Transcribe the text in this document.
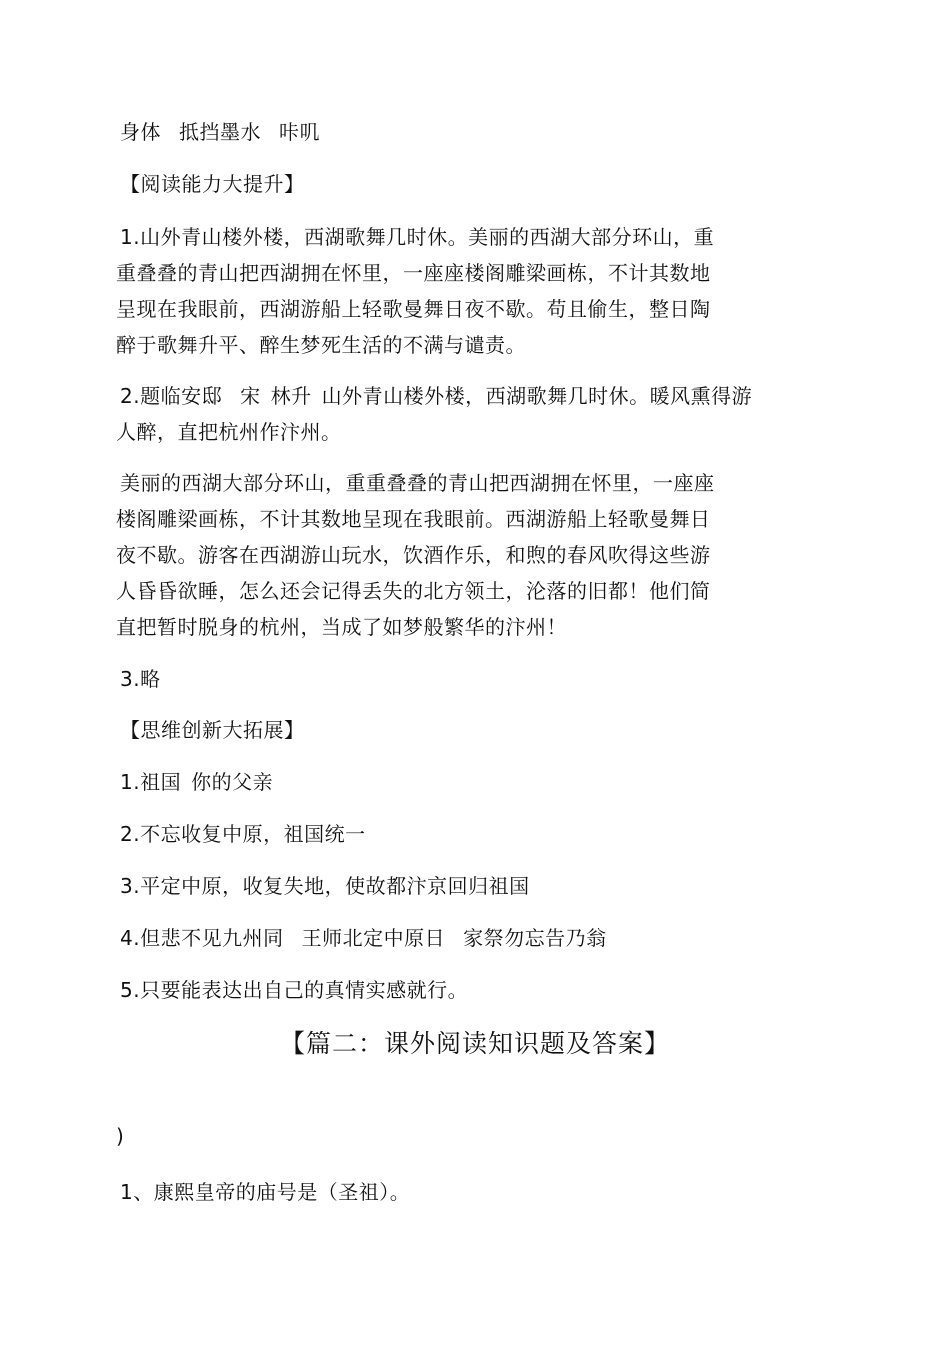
身体 抵挡墨水 咔叽
【阅读能力大提升】
1.山外青山楼外楼，西湖歌舞几时休。美丽的西湖大部分环山，重
重叠叠的青山把西湖拥在怀里，一座座楼阁雕梁画栋，不计其数地
呈现在我眼前，西湖游船上轻歌曼舞日夜不歇。苟且偷生，整日陶
醉于歌舞升平、醉生梦死生活的不满与谴责。
2.题临安邸 宋 林升 山外青山楼外楼，西湖歌舞几时休。暖风熏得游
人醉，直把杭州作汴州。
美丽的西湖大部分环山，重重叠叠的青山把西湖拥在怀里，一座座
楼阁雕梁画栋，不计其数地呈现在我眼前。西湖游船上轻歌曼舞日
夜不歇。游客在西湖游山玩水，饮酒作乐，和煦的春风吹得这些游
人昏昏欲睡，怎么还会记得丢失的北方领土，沦落的旧都！他们简
直把暂时脱身的杭州，当成了如梦般繁华的汴州！
3.略
【思维创新大拓展】
1.祖国 你的父亲
2.不忘收复中原，祖国统一
3.平定中原，收复失地，使故都汴京回归祖国
4.但悲不见九州同 王师北定中原日 家祭勿忘告乃翁
5.只要能表达出自己的真情实感就行。
【篇二：课外阅读知识题及答案】
)
1、康熙皇帝的庙号是（圣祖）。
